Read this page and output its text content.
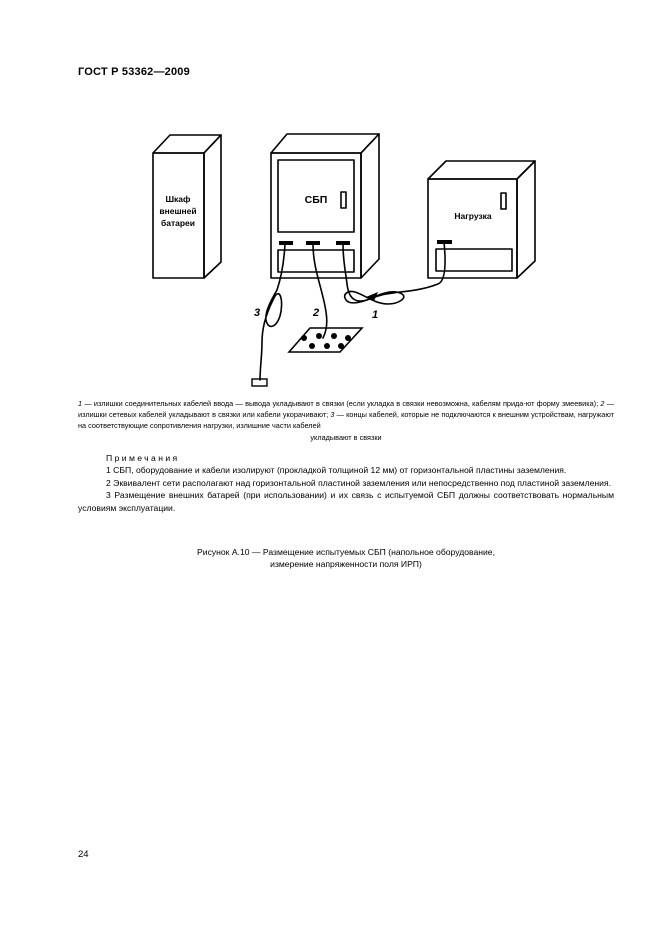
ГОСТ Р 53362—2009
Шкаф
внешней
батареи
СБП
Нагрузка
1
2
3
1 — излишки соединительных кабелей ввода — вывода укладывают в связки (если укладка в связки невозможна, кабелям прида-ют форму змеевика); 2 — излишки сетевых кабелей укладывают в связки или кабели укорачивают; 3 — концы кабелей, которые не подключаются к внешним устройствам, нагружают на соответствующие сопротивления нагрузки, излишние части кабелей
укладывают в связки
Примечания

1 СБП, оборудование и кабели изолируют (прокладкой толщиной 12 мм) от горизонтальной пластины заземления.

2 Эквивалент сети располагают над горизонтальной пластиной заземления или непосредственно под пластиной заземления.

3 Размещение внешних батарей (при использовании) и их связь с испытуемой СБП должны соответствовать нормальным условиям эксплуатации.

Рисунок А.10 — Размещение испытуемых СБП (напольное оборудование,
измерение напряженности поля ИРП)
24
